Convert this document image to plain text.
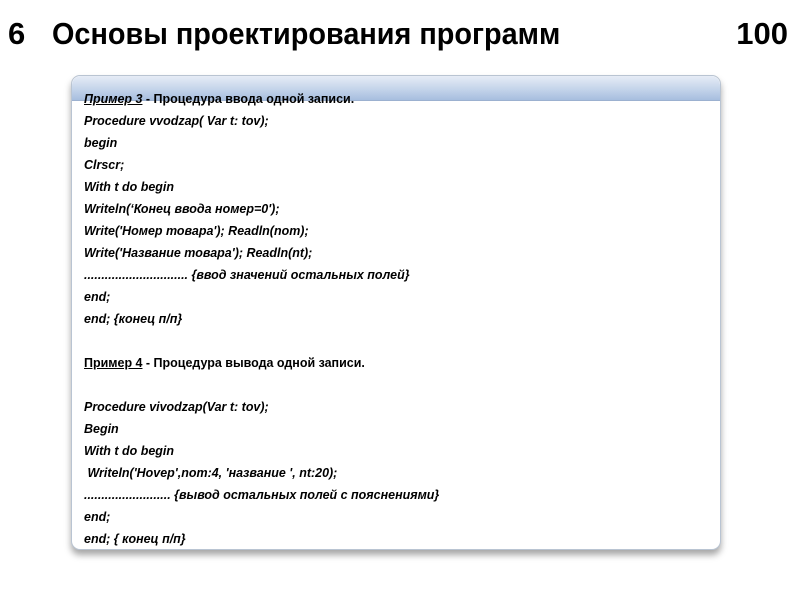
6 Основы проектирования программ	100
Пример 3 - Процедура ввода одной записи.
Procedure vvodzap( Var t: tov);
begin
Clrscr;
With t do begin
Writeln(‘Конец ввода номер=0');
Write('Номер товара'); Readln(nom);
Write('Название товара'); Readln(nt);
.............................. {ввод значений остальных полей}
end;
end; {конец п/п}
Пример 4 - Процедура вывода одной записи.
Procedure vivodzap(Var t: tov);
Begin
With t do begin
Writeln('Ноvер',nom:4, 'название ', nt:20);
......................... {вывод остальных полей с пояснениями}
end;
end; { конец п/п}
